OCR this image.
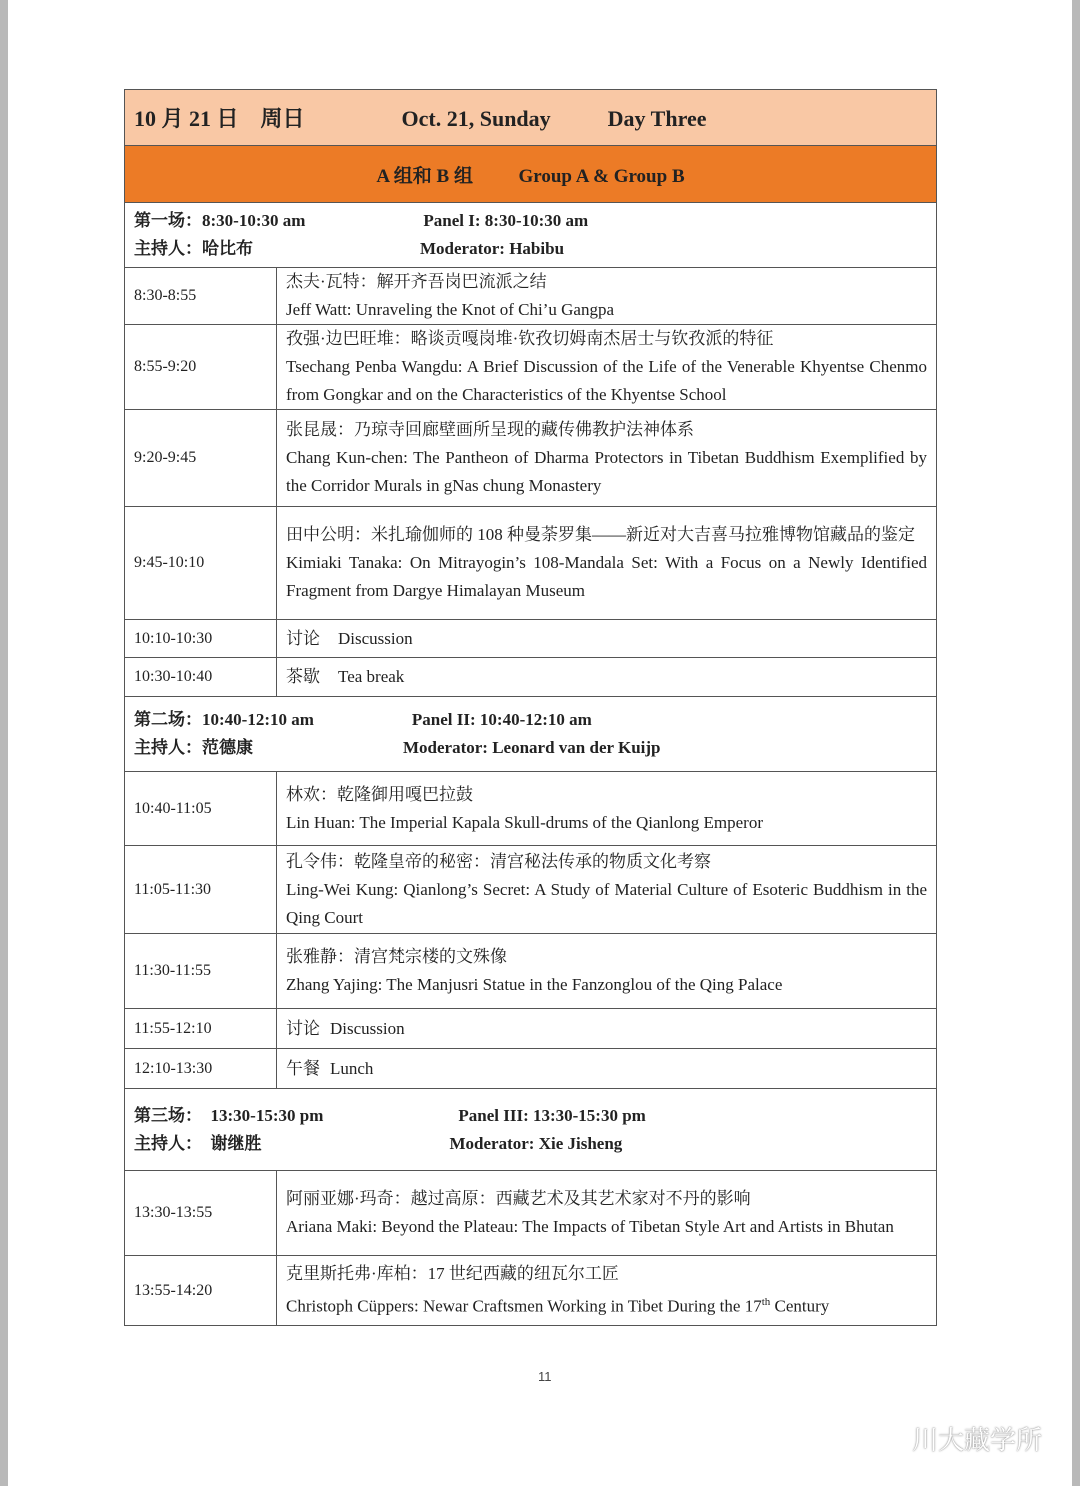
10 月 21 日　周日 Oct. 21, Sunday Day Three	
A 组和 B 组 Group A & Group B	

第一场：8:30-10:30 am Panel I: 8:30-10:30 am
主持人：哈比布 Moderator: Habibu	

8:30-8:55	杰夫·瓦特：解开齐吾岗巴流派之结
Jeff Watt: Unraveling the Knot of Chi’u Gangpa

8:55-9:20	孜强·边巴旺堆：略谈贡嘎岗堆·钦孜切姆南杰居士与钦孜派的特征
Tsechang Penba Wangdu: A Brief Discussion of the Life of the Venerable Khyentse Chenmo from Gongkar and on the Characteristics of the Khyentse School

9:20-9:45	张昆晟：乃琼寺回廊壁画所呈现的藏传佛教护法神体系
Chang Kun-chen: The Pantheon of Dharma Protectors in Tibetan Buddhism Exemplified by the Corridor Murals in gNas chung Monastery

9:45-10:10	田中公明：米扎瑜伽师的 108 种曼荼罗集——新近对大吉喜马拉雅博物馆藏品的鉴定
Kimiaki Tanaka: On Mitrayogin’s 108-Mandala Set: With a Focus on a Newly Identified Fragment from Dargye Himalayan Museum

10:10-10:30	讨论 Discussion
10:30-10:40	茶歇 Tea break

第二场：10:40-12:10 am Panel II: 10:40-12:10 am
主持人：范德康 Moderator: Leonard van der Kuijp	

10:40-11:05	林欢：乾隆御用嘎巴拉鼓
Lin Huan: The Imperial Kapala Skull-drums of the Qianlong Emperor

11:05-11:30	孔令伟：乾隆皇帝的秘密：清宫秘法传承的物质文化考察
Ling-Wei Kung: Qianlong’s Secret: A Study of Material Culture of Esoteric Buddhism in the Qing Court

11:30-11:55	张雅静：清宫梵宗楼的文殊像
Zhang Yajing: The Manjusri Statue in the Fanzonglou of the Qing Palace

11:55-12:10	讨论 Discussion
12:10-13:30	午餐 Lunch

第三场：　13:30-15:30 pm Panel III: 13:30-15:30 pm
主持人：　谢继胜 Moderator: Xie Jisheng	

13:30-13:55	阿丽亚娜·玛奇：越过高原：西藏艺术及其艺术家对不丹的影响
Ariana Maki: Beyond the Plateau: The Impacts of Tibetan Style Art and Artists in Bhutan

13:55-14:20	克里斯托弗·库柏：17 世纪西藏的纽瓦尔工匠
Christoph Cüppers: Newar Craftsmen Working in Tibet During the 17th Century
11
川大藏学所
